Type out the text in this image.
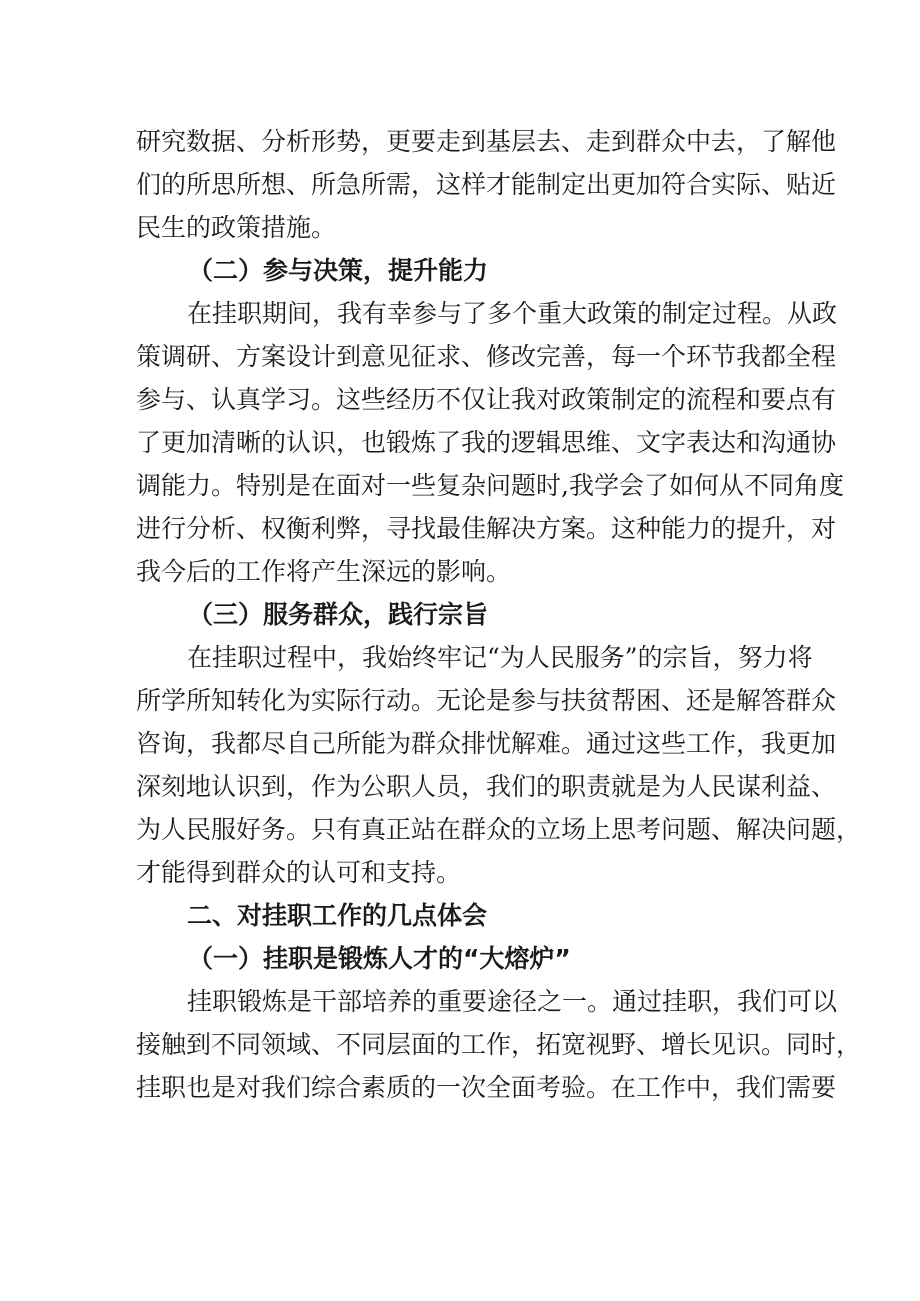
研究数据、分析形势，更要走到基层去、走到群众中去，了解他
们的所思所想、所急所需，这样才能制定出更加符合实际、贴近
民生的政策措施。
（二）参与决策，提升能力
在挂职期间，我有幸参与了多个重大政策的制定过程。从政
策调研、方案设计到意见征求、修改完善，每一个环节我都全程
参与、认真学习。这些经历不仅让我对政策制定的流程和要点有
了更加清晰的认识，也锻炼了我的逻辑思维、文字表达和沟通协
调能力。特别是在面对一些复杂问题时,我学会了如何从不同角度
进行分析、权衡利弊，寻找最佳解决方案。这种能力的提升，对
我今后的工作将产生深远的影响。
（三）服务群众，践行宗旨
在挂职过程中，我始终牢记“为人民服务”的宗旨，努力将
所学所知转化为实际行动。无论是参与扶贫帮困、还是解答群众
咨询，我都尽自己所能为群众排忧解难。通过这些工作，我更加
深刻地认识到，作为公职人员，我们的职责就是为人民谋利益、
为人民服好务。只有真正站在群众的立场上思考问题、解决问题，
才能得到群众的认可和支持。
二、对挂职工作的几点体会
（一）挂职是锻炼人才的“大熔炉”
挂职锻炼是干部培养的重要途径之一。通过挂职，我们可以
接触到不同领域、不同层面的工作，拓宽视野、增长见识。同时，
挂职也是对我们综合素质的一次全面考验。在工作中，我们需要
